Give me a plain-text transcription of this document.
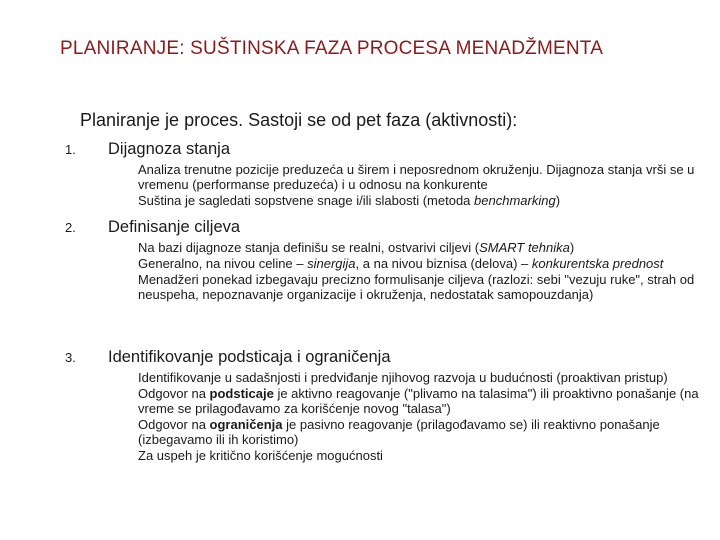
PLANIRANJE: SUŠTINSKA FAZA PROCESA MENADŽMENTA
Planiranje je proces. Sastoji se od pet faza (aktivnosti):
1. Dijagnoza stanja
Analiza trenutne pozicije preduzeća u širem i neposrednom okruženju. Dijagnoza stanja vrši se u vremenu (performanse preduzeća) i u odnosu na konkurente
Suština je sagledati sopstvene snage i/ili slabosti (metoda benchmarking)
2. Definisanje ciljeva
Na bazi dijagnoze stanja definišu se realni, ostvarivi ciljevi (SMART tehnika)
Generalno, na nivou celine – sinergija, a na nivou biznisa (delova) – konkurentska prednost
Menadžeri ponekad izbegavaju precizno formulisanje ciljeva (razlozi: sebi "vezuju ruke", strah od neuspeha, nepoznavanje organizacije i okruženja, nedostatak samopouzdanja)
3. Identifikovanje podsticaja i ograničenja
Identifikovanje u sadašnjosti i predviđanje njihovog razvoja u budućnosti (proaktivan pristup)
Odgovor na podsticaje je aktivno reagovanje ("plivamo na talasima") ili proaktivno ponašanje (na vreme se prilagođavamo za korišćenje novog "talasa")
Odgovor na ograničenja je pasivno reagovanje (prilagođavamo se) ili reaktivno ponašanje (izbegavamo ili ih koristimo)
Za uspeh je kritično korišćenje mogućnosti
